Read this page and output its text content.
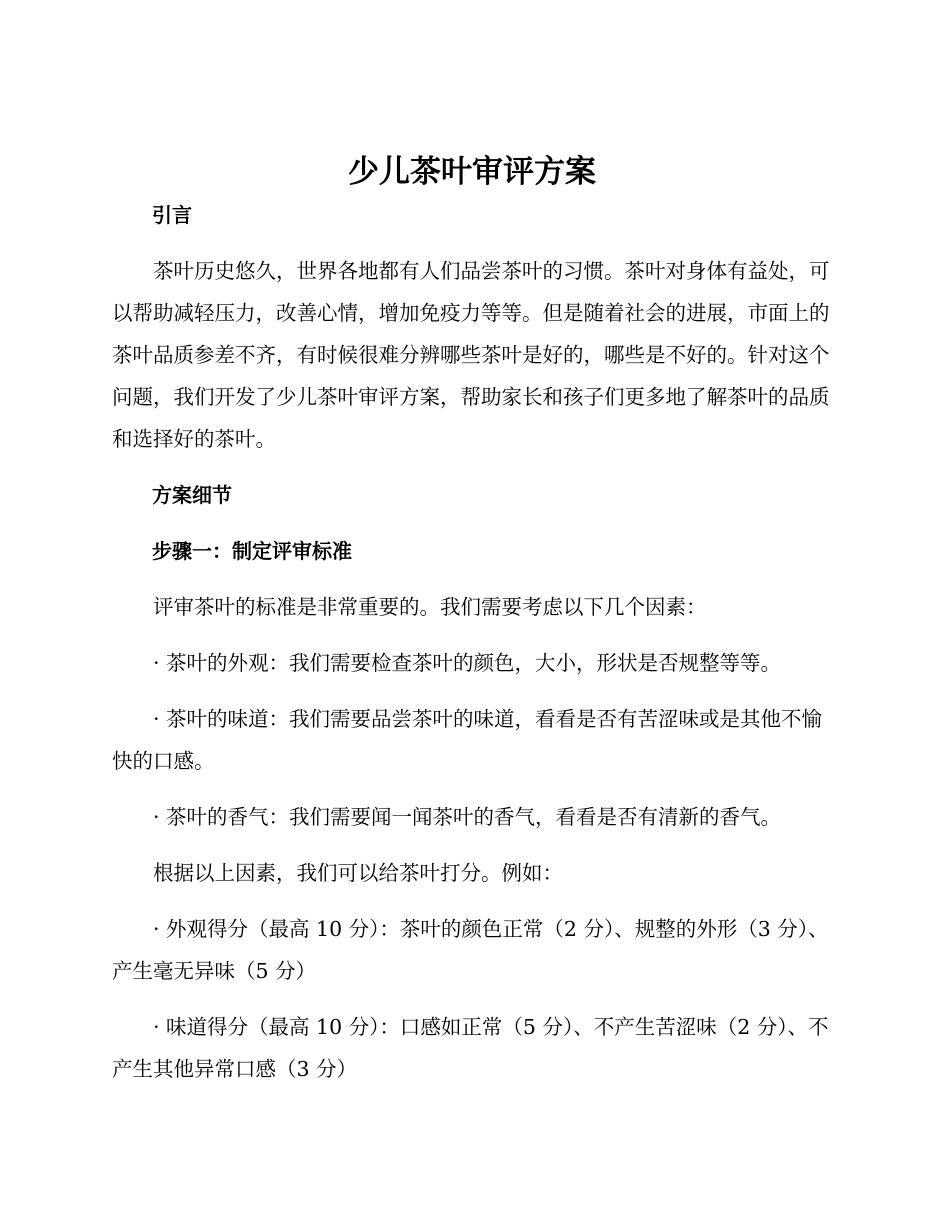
少儿茶叶审评方案

引言

茶叶历史悠久，世界各地都有人们品尝茶叶的习惯。茶叶对身体有益处，可以帮助减轻压力，改善心情，增加免疫力等等。但是随着社会的进展，市面上的茶叶品质参差不齐，有时候很难分辨哪些茶叶是好的，哪些是不好的。针对这个问题，我们开发了少儿茶叶审评方案，帮助家长和孩子们更多地了解茶叶的品质和选择好的茶叶。

方案细节

步骤一：制定评审标准

评审茶叶的标准是非常重要的。我们需要考虑以下几个因素：

· 茶叶的外观：我们需要检查茶叶的颜色，大小，形状是否规整等等。

· 茶叶的味道：我们需要品尝茶叶的味道，看看是否有苦涩味或是其他不愉快的口感。

· 茶叶的香气：我们需要闻一闻茶叶的香气，看看是否有清新的香气。

根据以上因素，我们可以给茶叶打分。例如：

· 外观得分（最高 10 分）：茶叶的颜色正常（2 分）、规整的外形（3 分）、产生毫无异味（5 分）

· 味道得分（最高 10 分）：口感如正常（5 分）、不产生苦涩味（2 分）、不产生其他异常口感（3 分）
